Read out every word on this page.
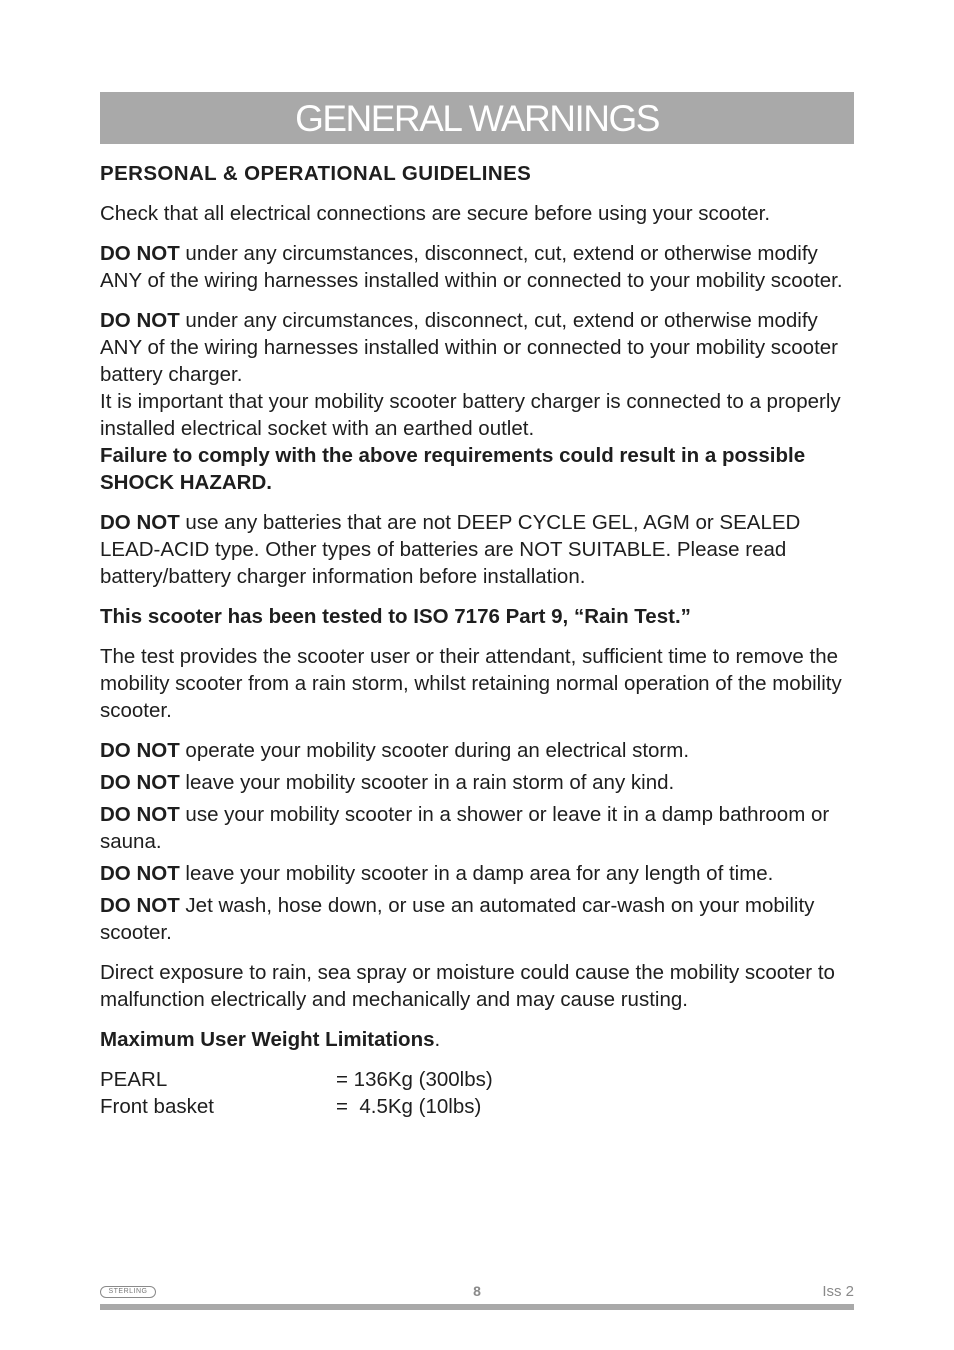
GENERAL WARNINGS

PERSONAL & OPERATIONAL GUIDELINES

Check that all electrical connections are secure before using your scooter.

DO NOT under any circumstances, disconnect, cut, extend or otherwise modify ANY of the wiring harnesses installed within or connected to your mobility scooter.

DO NOT under any circumstances, disconnect, cut, extend or otherwise modify ANY of the wiring harnesses installed within or connected to your mobility scooter battery charger.

It is important that your mobility scooter battery charger is connected to a properly installed electrical socket with an earthed outlet.

Failure to comply with the above requirements could result in a possible SHOCK HAZARD.

DO NOT use any batteries that are not DEEP CYCLE GEL, AGM or SEALED LEAD-ACID type. Other types of batteries are NOT SUITABLE. Please read battery/battery charger information before installation.

This scooter has been tested to ISO 7176 Part 9, “Rain Test.”

The test provides the scooter user or their attendant, sufficient time to remove the mobility scooter from a rain storm, whilst retaining normal operation of the mobility scooter.

DO NOT operate your mobility scooter during an electrical storm.

DO NOT leave your mobility scooter in a rain storm of any kind.

DO NOT use your mobility scooter in a shower or leave it in a damp bathroom or sauna.

DO NOT leave your mobility scooter in a damp area for any length of time.

DO NOT Jet wash, hose down, or use an automated car-wash on your mobility scooter.

Direct exposure to rain, sea spray or moisture could cause the mobility scooter to malfunction electrically and mechanically and may cause rusting.

Maximum User Weight Limitations.

PEARL	= 136Kg (300lbs)
Front basket	=  4.5Kg (10lbs)
STERLING	8	Iss 2
